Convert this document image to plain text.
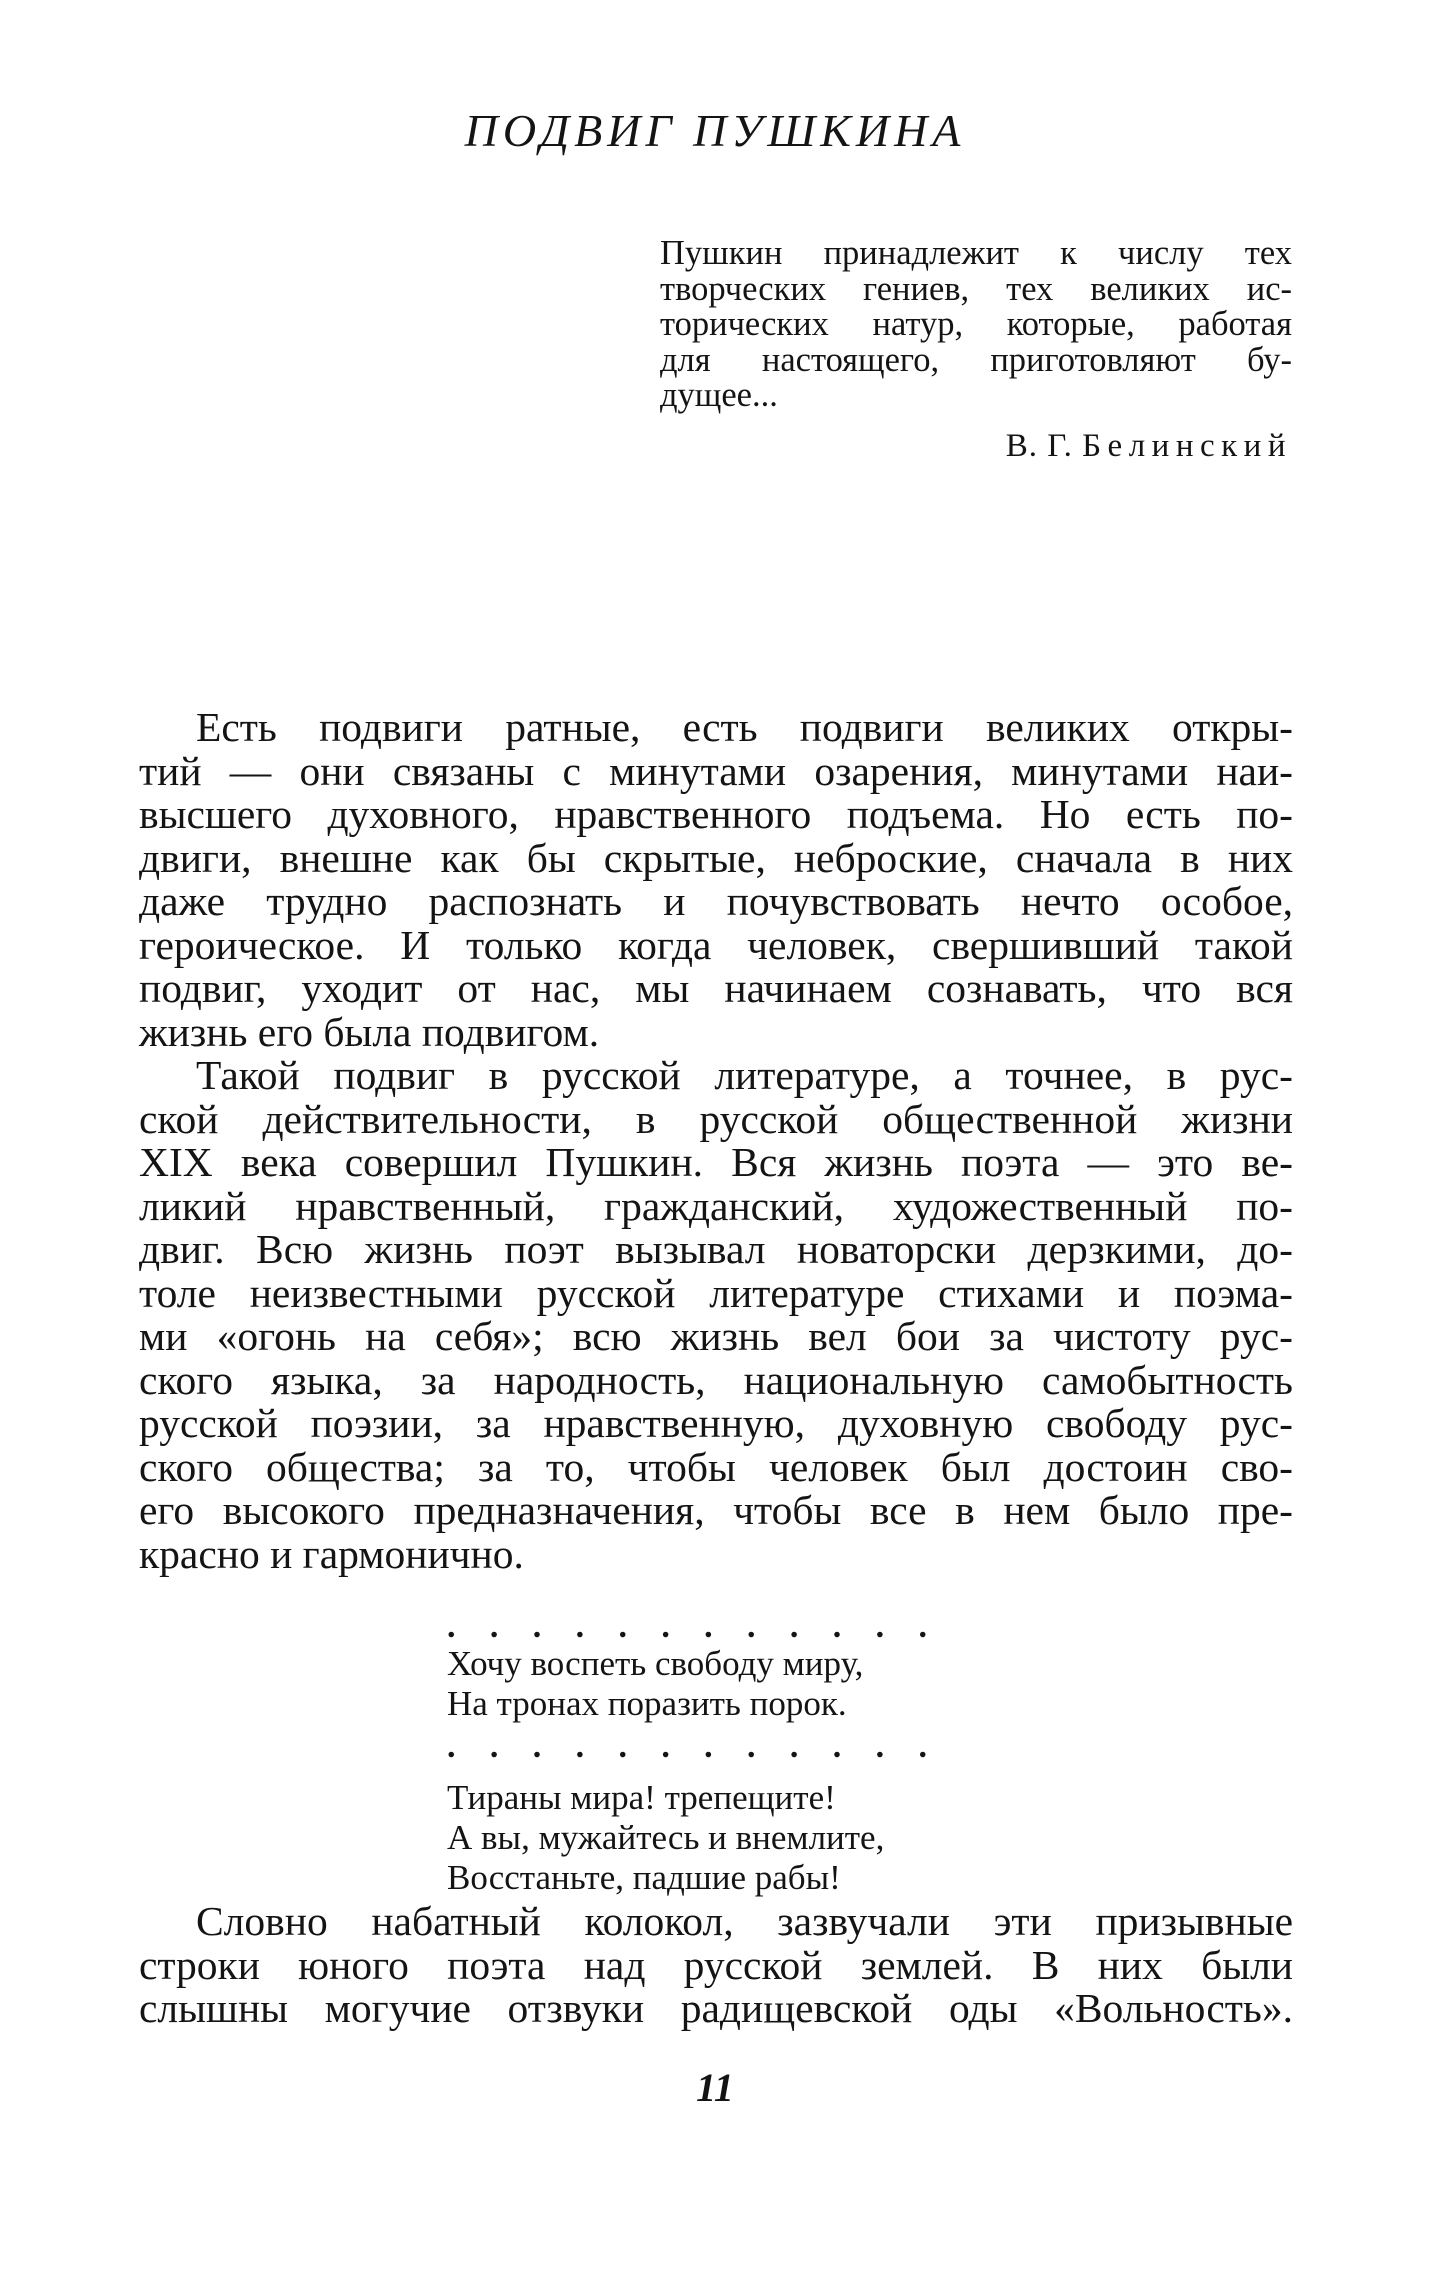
ПОДВИГ ПУШКИНА
Пушкин принадлежит к числу тех
творческих гениев, тех великих ис-
торических натур, которые, работая
для настоящего, приготовляют бу-
дущее...
В. Г. Белинский
Есть подвиги ратные, есть подвиги великих откры-
тий — они связаны с минутами озарения, минутами наи-
высшего духовного, нравственного подъема. Но есть по-
двиги, внешне как бы скрытые, неброские, сначала в них
даже трудно распознать и почувствовать нечто особое,
героическое. И только когда человек, свершивший такой
подвиг, уходит от нас, мы начинаем сознавать, что вся
жизнь его была подвигом.
Такой подвиг в русской литературе, а точнее, в рус-
ской действительности, в русской общественной жизни
XIX века совершил Пушкин. Вся жизнь поэта — это ве-
ликий нравственный, гражданский, художественный по-
двиг. Всю жизнь поэт вызывал новаторски дерзкими, до-
толе неизвестными русской литературе стихами и поэма-
ми «огонь на себя»; всю жизнь вел бои за чистоту рус-
ского языка, за народность, национальную самобытность
русской поэзии, за нравственную, духовную свободу рус-
ского общества; за то, чтобы человек был достоин сво-
его высокого предназначения, чтобы все в нем было пре-
красно и гармонично.
. . . . . . . . . . . .
Хочу воспеть свободу миру,
На тронах поразить порок.
. . . . . . . . . . . .
Тираны мира! трепещите!
А вы, мужайтесь и внемлите,
Восстаньте, падшие рабы!
Словно набатный колокол, зазвучали эти призывные
строки юного поэта над русской землей. В них были
слышны могучие отзвуки радищевской оды «Вольность».
11
